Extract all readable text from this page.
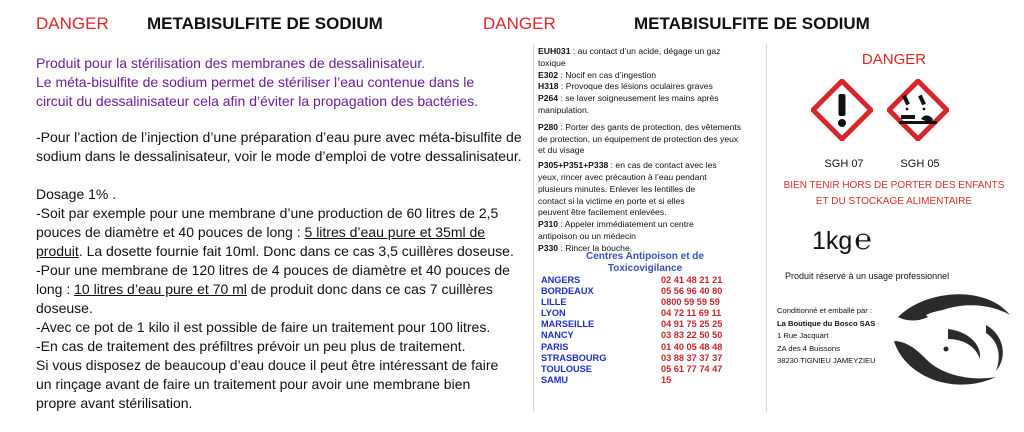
DANGER METABISULFITE DE SODIUM	DANGER	METABISULFITE DE SODIUM
Produit pour la stérilisation des membranes de dessalinisateur.
Le méta-bisulfite de sodium permet de stériliser l’eau contenue dans le
circuit du dessalinisateur cela afin d’éviter la propagation des bactéries.

-Pour l’action de l’injection d’une préparation d’eau pure avec méta-bisulfite de

sodium dans le dessalinisateur, voir le mode d’emploi de votre dessalinisateur.

Dosage 1% .

-Soit par exemple pour une membrane d’une production de 60 litres de 2,5

pouces de diamètre et 40 pouces de long : 5 litres d’eau pure et 35ml de

produit. La dosette fournie fait 10ml. Donc dans ce cas 3,5 cuillères doseuse.

-Pour une membrane de 120 litres de 4 pouces de diamètre et 40 pouces de

long : 10 litres d’eau pure et 70 ml de produit donc dans ce cas 7 cuillères

doseuse.

-Avec ce pot de 1 kilo il est possible de faire un traitement pour 100 litres.

-En cas de traitement des préfiltres prévoir un peu plus de traitement.

Si vous disposez de beaucoup d’eau douce il peut être intéressant de faire

un rinçage avant de faire un traitement pour avoir une membrane bien

propre avant stérilisation.

EUH031 : au contact d’un acide, dégage un gaz
toxique
E302 : Nocif en cas d’ingestion
H318 : Provoque des lésions oculaires graves
P264 : se laver soigneusement les mains après
manipulation.
P280 : Porter des gants de protection, des vêtements
de protection, un équipement de protection des yeux
et du visage
P305+P351+P338 : en cas de contact avec les
yeux, rincer avec précaution à l’eau pendant
plusieurs minutes. Enlever les lentilles de
contact si la victime en porte et si elles
peuvent être facilement enlevées.
P310 : Appeler immédiatement un centre
antipoison ou un médecin
P330 : Rincer la bouche.
Centres Antipoison et de
Toxicovigilance
ANGERS	02 41 48 21 21
BORDEAUX	05 56 96 40 80
LILLE	0800 59 59 59
LYON	04 72 11 69 11
MARSEILLE	04 91 75 25 25
NANCY	03 83 22 50 50
PARIS	01 40 05 48 48
STRASBOURG	03 88 37 37 37
TOULOUSE	05 61 77 74 47
SAMU	15
DANGER
SGH 07	SGH 05
BIEN TENIR HORS DE PORTER DES ENFANTS
ET DU STOCKAGE ALIMENTAIRE
1kg℮
Produit réservé à un usage professionnel
Conditionné et emballé par :
La Boutique du Bosco SAS
1 Rue Jacquart
ZA des 4 Buissons
38230 TIGNIEU JAMEYZIEU
